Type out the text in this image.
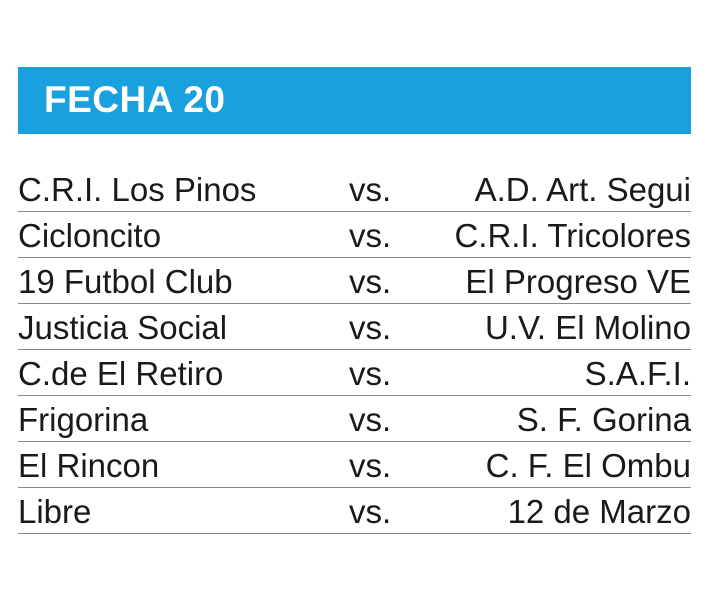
FECHA 20
C.R.I. Los Pinos	vs.	A.D. Art. Segui
Cicloncito	vs. C.R.I. Tricolores
19 Futbol Club	vs. El Progreso VE
Justicia Social	vs.	U.V. El Molino
C.de El Retiro	vs.	S.A.F.I.
Frigorina	vs.	S. F. Gorina
El Rincon	vs.	C. F. El Ombu
Libre	vs.	12 de Marzo
